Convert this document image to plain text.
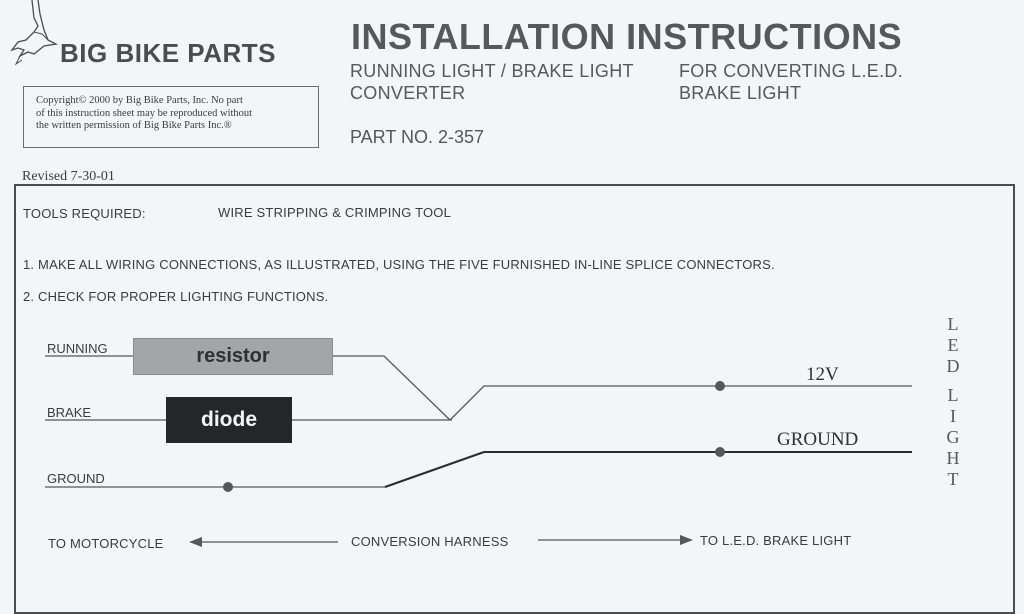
BIG BIKE PARTS
Copyright© 2000 by Big Bike Parts, Inc. No part
of this instruction sheet may be reproduced without
the written permission of Big Bike Parts Inc.®
INSTALLATION INSTRUCTIONS
RUNNING LIGHT / BRAKE LIGHT
CONVERTER
FOR CONVERTING L.E.D.
BRAKE LIGHT
PART NO. 2-357
Revised 7-30-01
TOOLS REQUIRED:	WIRE STRIPPING & CRIMPING TOOL
1. MAKE ALL WIRING CONNECTIONS, AS ILLUSTRATED, USING THE FIVE FURNISHED IN-LINE SPLICE CONNECTORS.
2. CHECK FOR PROPER LIGHTING FUNCTIONS.
RUNNING
BRAKE
GROUND
resistor
diode
12V
GROUND
L
E
D
L
I
G
H
T
TO MOTORCYCLE	CONVERSION HARNESS	TO L.E.D. BRAKE LIGHT
